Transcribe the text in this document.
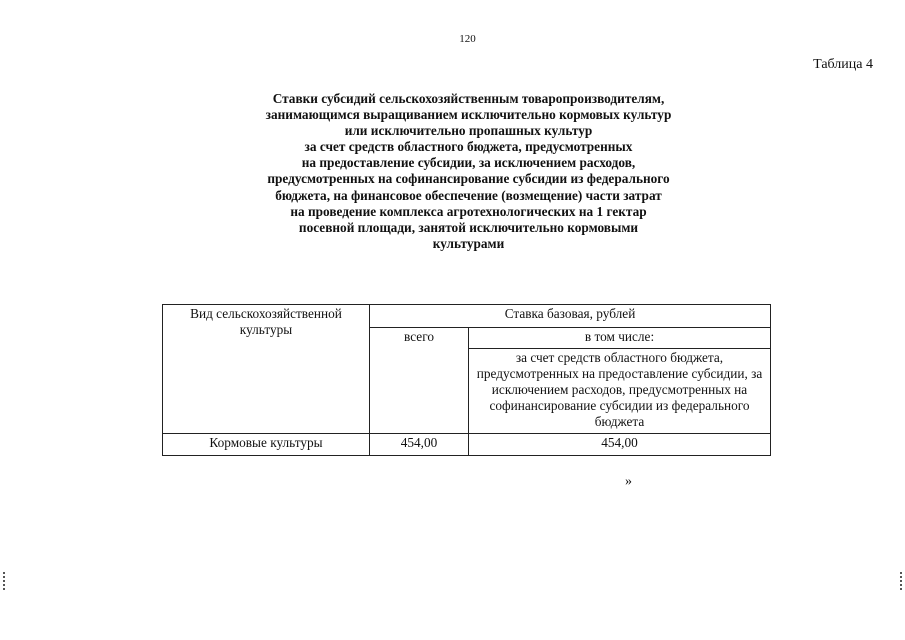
120
Таблица 4
Ставки субсидий сельскохозяйственным товаропроизводителям,
занимающимся выращиванием исключительно кормовых культур
или исключительно пропашных культур
за счет средств областного бюджета, предусмотренных
на предоставление субсидии, за исключением расходов,
предусмотренных на софинансирование субсидии из федерального
бюджета, на финансовое обеспечение (возмещение) части затрат
на проведение комплекса агротехнологических на 1 гектар
посевной площади, занятой исключительно кормовыми
культурами
Вид сельскохозяйственной культуры	Ставка базовая, рублей	
	всего	в том числе:
		за счет средств областного бюджета, предусмотренных на предоставление субсидии, за исключением расходов, предусмотренных на софинансирование субсидии из федерального бюджета
Кормовые культуры	454,00	454,00
»
